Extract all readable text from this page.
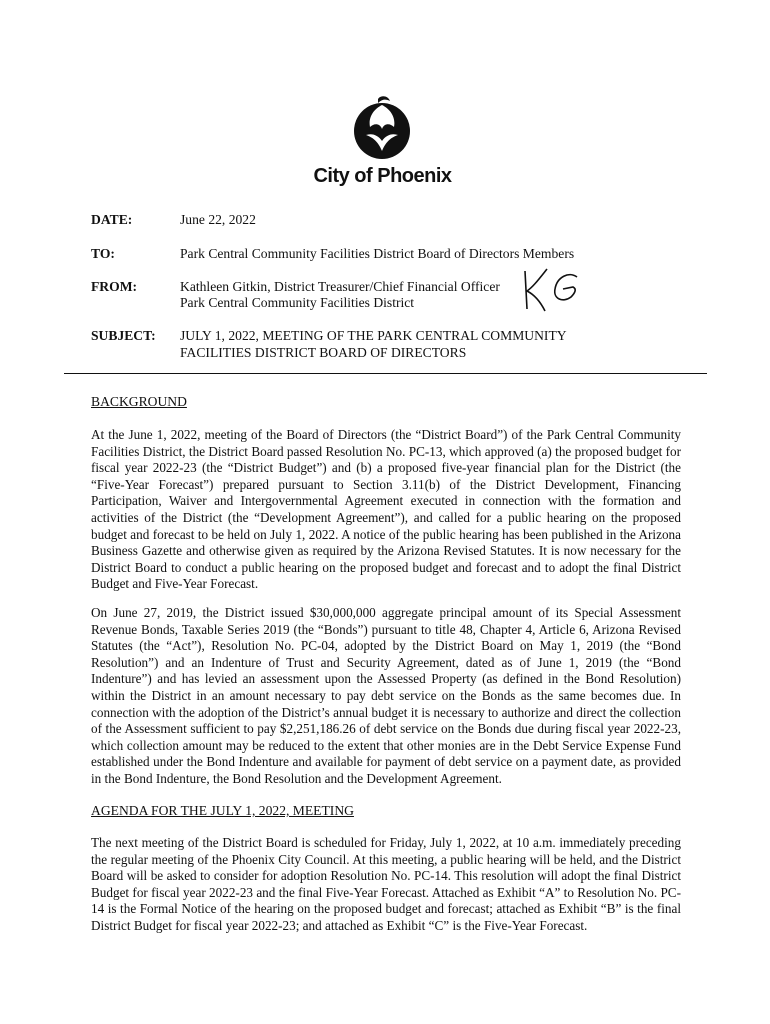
City of Phoenix
DATE:	June 22, 2022
TO:	Park Central Community Facilities District Board of Directors Members
FROM:	Kathleen Gitkin, District Treasurer/Chief Financial Officer
Park Central Community Facilities District
SUBJECT:	JULY 1, 2022, MEETING OF THE PARK CENTRAL COMMUNITY
FACILITIES DISTRICT BOARD OF DIRECTORS
BACKGROUND
At the June 1, 2022, meeting of the Board of Directors (the “District Board”) of the Park Central Community Facilities District, the District Board passed Resolution No. PC-13, which approved (a) the proposed budget for fiscal year 2022-23 (the “District Budget”) and (b) a proposed five-year financial plan for the District (the “Five-Year Forecast”) prepared pursuant to Section 3.11(b) of the District Development, Financing Participation, Waiver and Intergovernmental Agreement executed in connection with the formation and activities of the District (the “Development Agreement”), and called for a public hearing on the proposed budget and forecast to be held on July 1, 2022. A notice of the public hearing has been published in the Arizona Business Gazette and otherwise given as required by the Arizona Revised Statutes. It is now necessary for the District Board to conduct a public hearing on the proposed budget and forecast and to adopt the final District Budget and Five-Year Forecast.
On June 27, 2019, the District issued $30,000,000 aggregate principal amount of its Special Assessment Revenue Bonds, Taxable Series 2019 (the “Bonds”) pursuant to title 48, Chapter 4, Article 6, Arizona Revised Statutes (the “Act”), Resolution No. PC-04, adopted by the District Board on May 1, 2019 (the “Bond Resolution”) and an Indenture of Trust and Security Agreement, dated as of June 1, 2019 (the “Bond Indenture”) and has levied an assessment upon the Assessed Property (as defined in the Bond Resolution) within the District in an amount necessary to pay debt service on the Bonds as the same becomes due. In connection with the adoption of the District’s annual budget it is necessary to authorize and direct the collection of the Assessment sufficient to pay $2,251,186.26 of debt service on the Bonds due during fiscal year 2022-23, which collection amount may be reduced to the extent that other monies are in the Debt Service Expense Fund established under the Bond Indenture and available for payment of debt service on a payment date, as provided in the Bond Indenture, the Bond Resolution and the Development Agreement.
AGENDA FOR THE JULY 1, 2022, MEETING
The next meeting of the District Board is scheduled for Friday, July 1, 2022, at 10 a.m. immediately preceding the regular meeting of the Phoenix City Council. At this meeting, a public hearing will be held, and the District Board will be asked to consider for adoption Resolution No. PC-14. This resolution will adopt the final District Budget for fiscal year 2022-23 and the final Five-Year Forecast. Attached as Exhibit “A” to Resolution No. PC-14 is the Formal Notice of the hearing on the proposed budget and forecast; attached as Exhibit “B” is the final District Budget for fiscal year 2022-23; and attached as Exhibit “C” is the Five-Year Forecast.
